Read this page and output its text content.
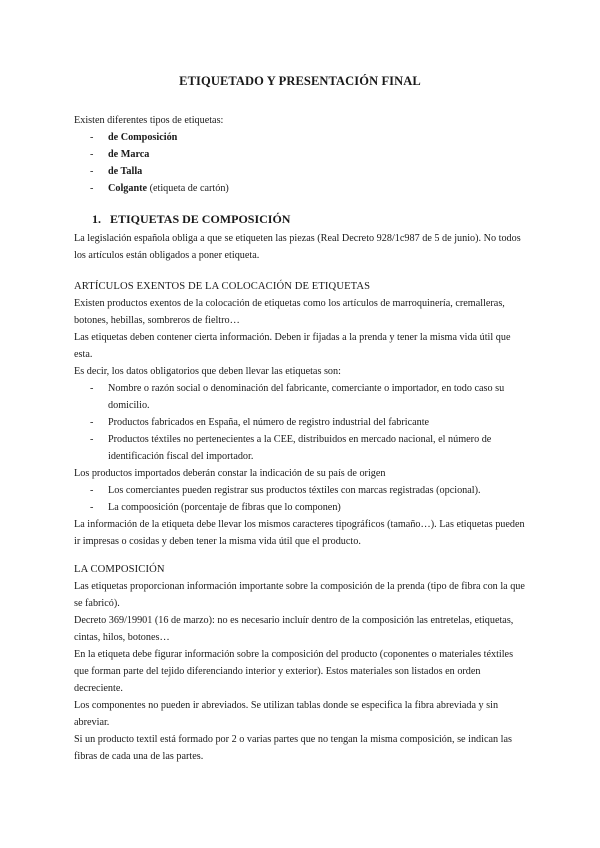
ETIQUETADO Y PRESENTACIÓN FINAL

Existen diferentes tipos de etiquetas:

- de Composición
- de Marca
- de Talla
- Colgante (etiqueta de cartón)
1. ETIQUETAS DE COMPOSICIÓN

La legislación española obliga a que se etiqueten las piezas (Real Decreto 928/1c987 de 5 de junio). No todos los artículos están obligados a poner etiqueta.

ARTÍCULOS EXENTOS DE LA COLOCACIÓN DE ETIQUETAS

Existen productos exentos de la colocación de etiquetas como los artículos de marroquinería, cremalleras, botones, hebillas, sombreros de fieltro…

Las etiquetas deben contener cierta información. Deben ir fijadas a la prenda y tener la misma vida útil que esta.

Es decir, los datos obligatorios que deben llevar las etiquetas son:

- Nombre o razón social o denominación del fabricante, comerciante o importador, en todo caso su domicilio.
- Productos fabricados en España, el número de registro industrial del fabricante
- Productos téxtiles no pertenecientes a la CEE, distribuidos en mercado nacional, el número de identificación fiscal del importador.

Los productos importados deberán constar la indicación de su país de origen

- Los comerciantes pueden registrar sus productos téxtiles con marcas registradas (opcional).
- La compoosición (porcentaje de fibras que lo componen)

La información de la etiqueta debe llevar los mismos caracteres tipográficos (tamaño…). Las etiquetas pueden ir impresas o cosidas y deben tener la misma vida útil que el producto.

LA COMPOSICIÓN

Las etiquetas proporcionan información importante sobre la composición de la prenda (tipo de fibra con la que se fabricó).

Decreto 369/19901 (16 de marzo): no es necesario incluír dentro de la composición las entretelas, etiquetas, cintas, hilos, botones…

En la etiqueta debe figurar información sobre la composición del producto (coponentes o materiales téxtiles que forman parte del tejido diferenciando interior y exterior). Estos materiales son listados en orden decreciente.

Los componentes no pueden ir abreviados. Se utilizan tablas donde se especifica la fibra abreviada y sin abreviar.

Si un producto textil está formado por 2 o varias partes que no tengan la misma composición, se indican las fibras de cada una de las partes.
